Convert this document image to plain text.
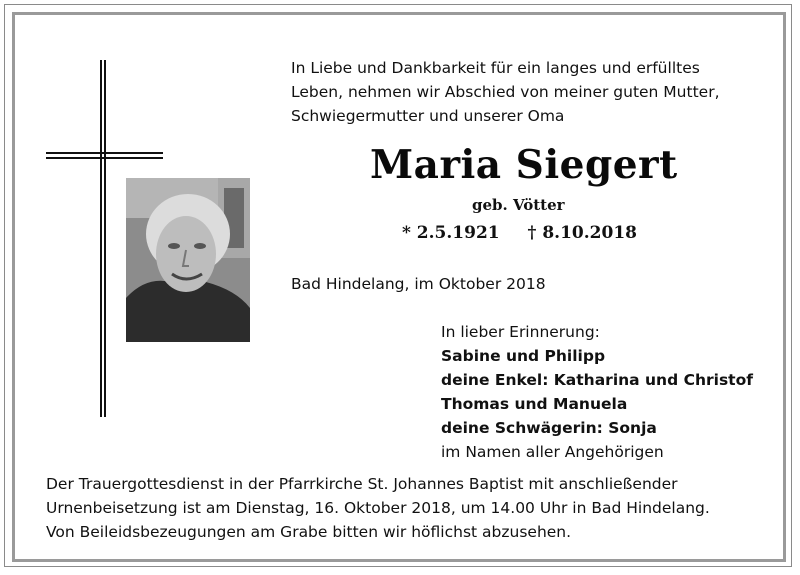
In Liebe und Dankbarkeit für ein langes und erfülltes
Leben, nehmen wir Abschied von meiner guten Mutter,
Schwiegermutter und unserer Oma
Maria Siegert
geb. Vötter
* 2.5.1921 † 8.10.2018
Bad Hindelang, im Oktober 2018
In lieber Erinnerung:
Sabine und Philipp
deine Enkel: Katharina und Christof
Thomas und Manuela
deine Schwägerin: Sonja
im Namen aller Angehörigen
Der Trauergottesdienst in der Pfarrkirche St. Johannes Baptist mit anschließender
Urnenbeisetzung ist am Dienstag, 16. Oktober 2018, um 14.00 Uhr in Bad Hindelang.
Von Beileidsbezeugungen am Grabe bitten wir höflichst abzusehen.
